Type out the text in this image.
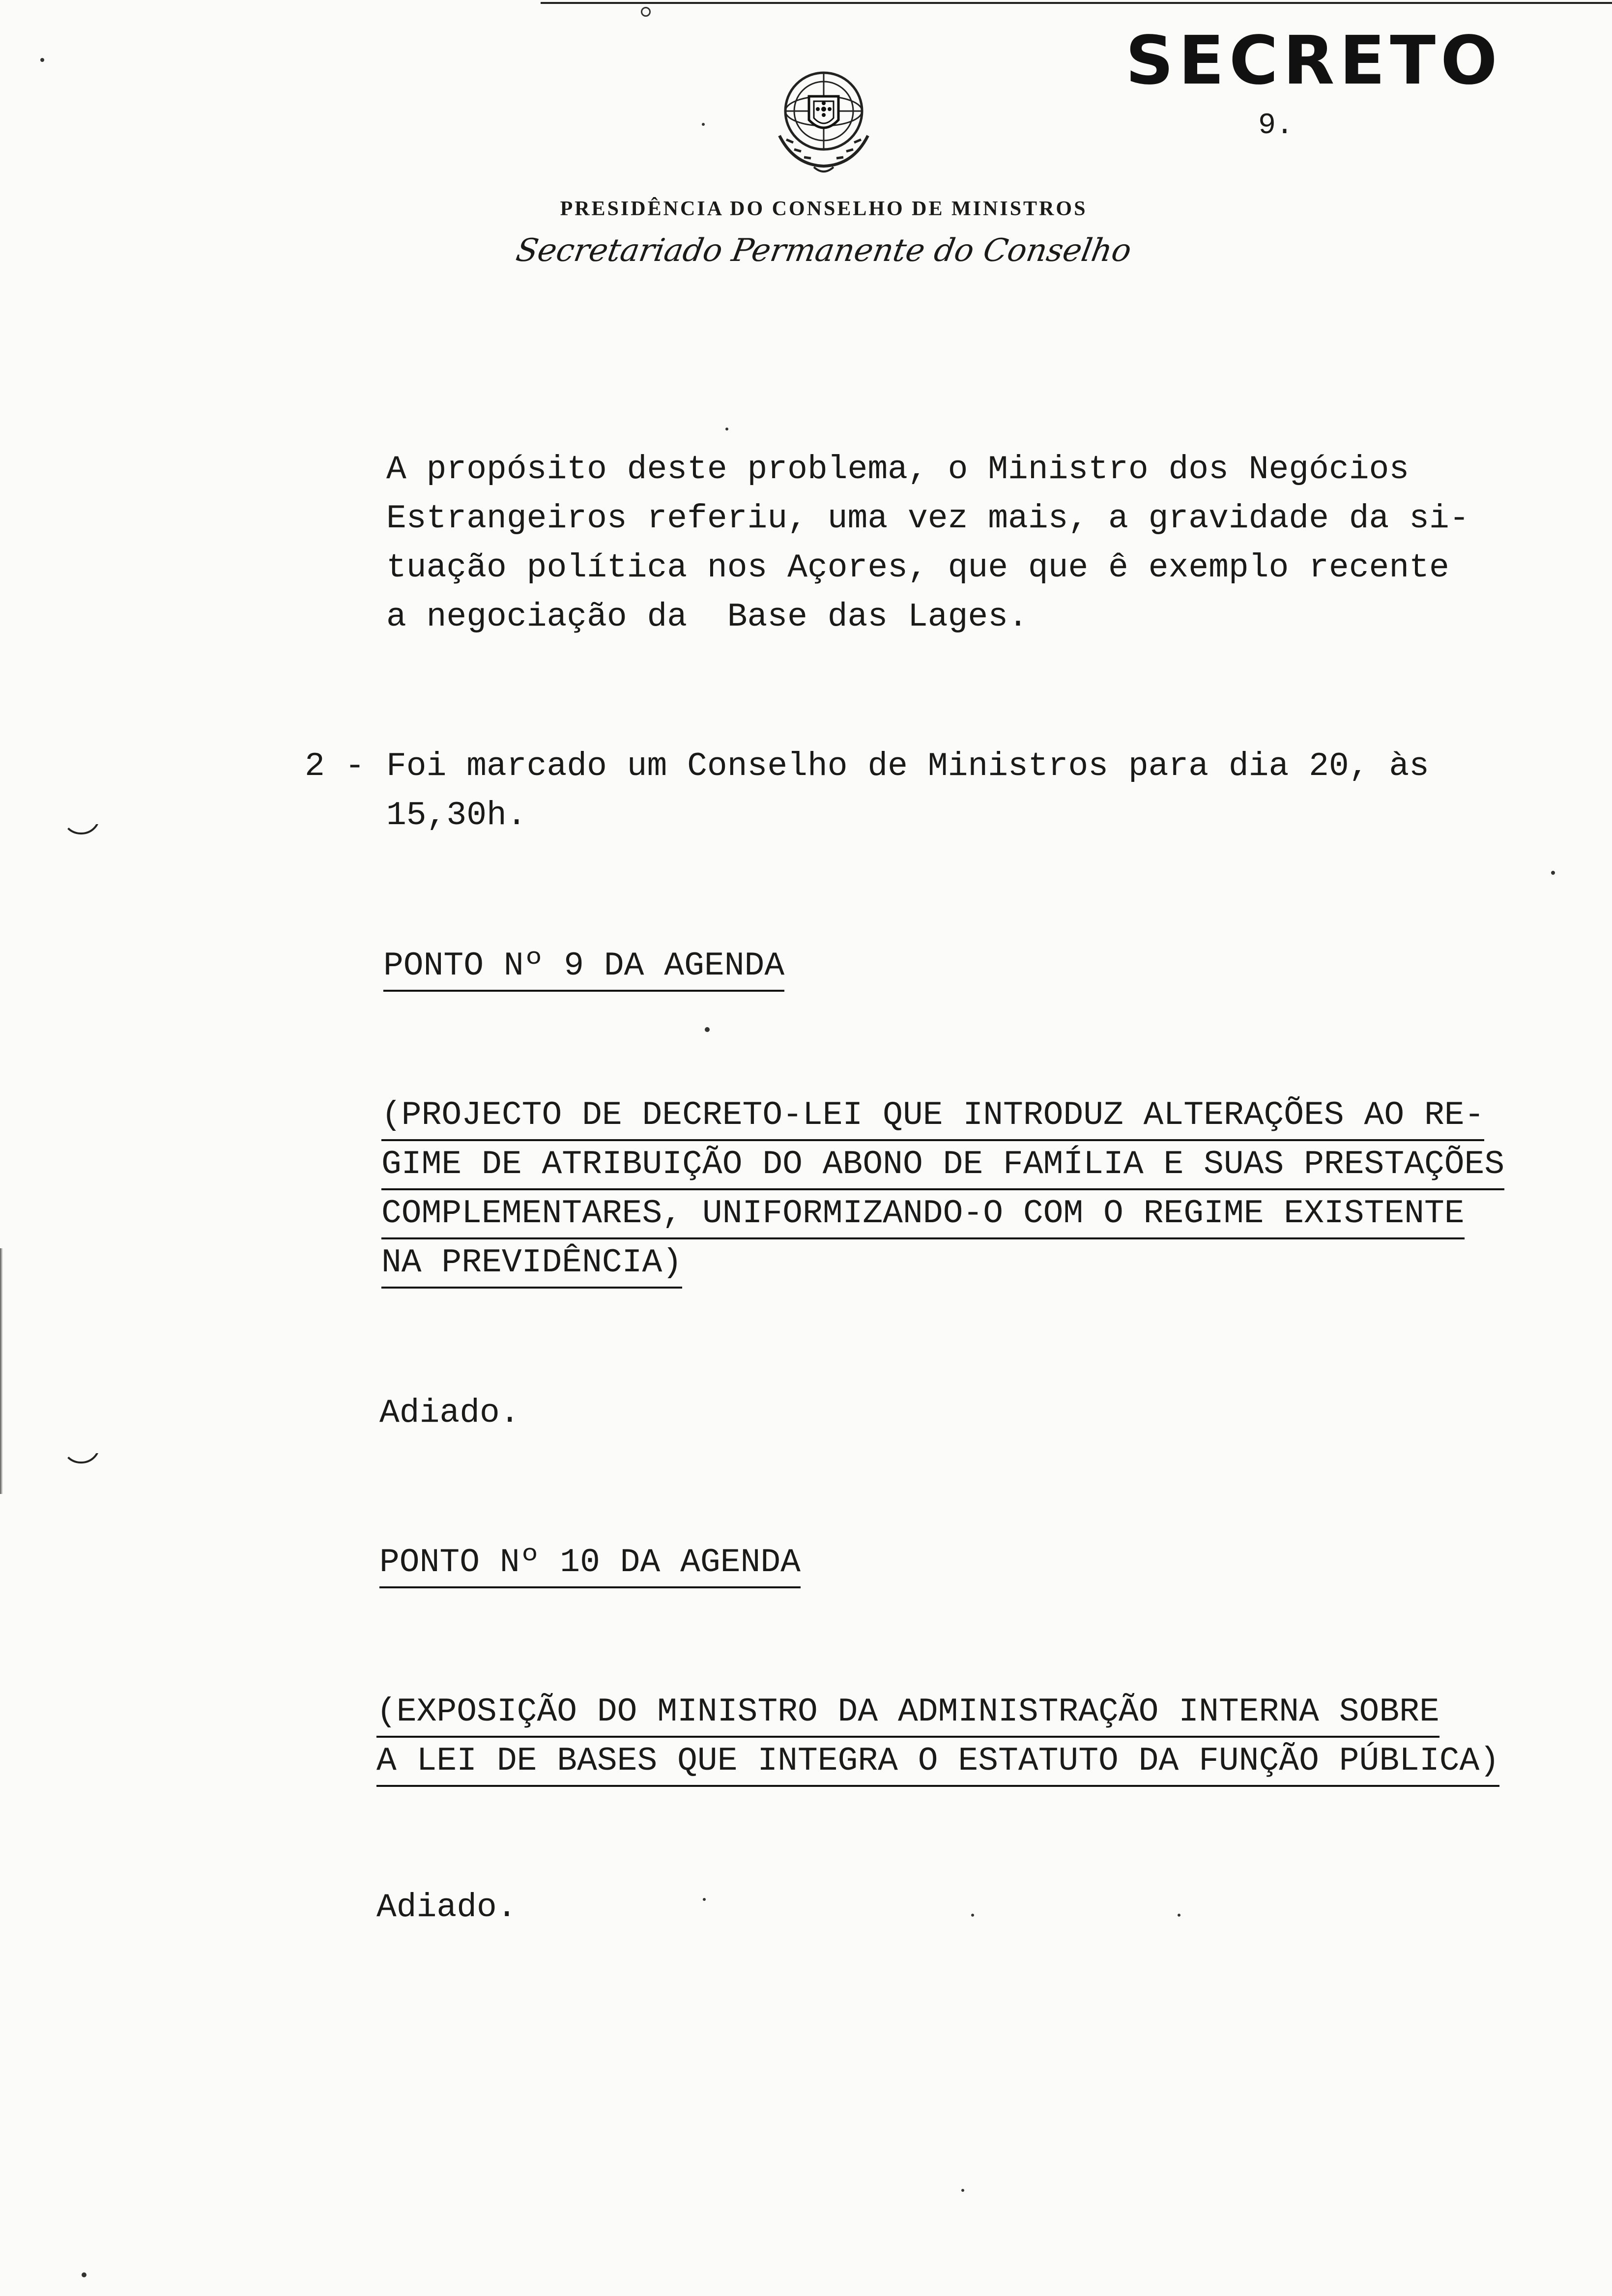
SECRETO
9.
PRESIDÊNCIA DO CONSELHO DE MINISTROS
Secretariado Permanente do Conselho
A propósito deste problema, o Ministro dos Negócios
Estrangeiros referiu, uma vez mais, a gravidade da si-
tuação política nos Açores, que que ê exemplo recente
a negociação da  Base das Lages.
2 - Foi marcado um Conselho de Ministros para dia 20, às
15,30h.
PONTO Nº 9 DA AGENDA
(PROJECTO DE DECRETO-LEI QUE INTRODUZ ALTERAÇÕES AO RE-
GIME DE ATRIBUIÇÃO DO ABONO DE FAMÍLIA E SUAS PRESTAÇÕES
COMPLEMENTARES, UNIFORMIZANDO-O COM O REGIME EXISTENTE
NA PREVIDÊNCIA)
Adiado.
PONTO Nº 10 DA AGENDA
(EXPOSIÇÃO DO MINISTRO DA ADMINISTRAÇÃO INTERNA SOBRE
A LEI DE BASES QUE INTEGRA O ESTATUTO DA FUNÇÃO PÚBLICA)
Adiado.
